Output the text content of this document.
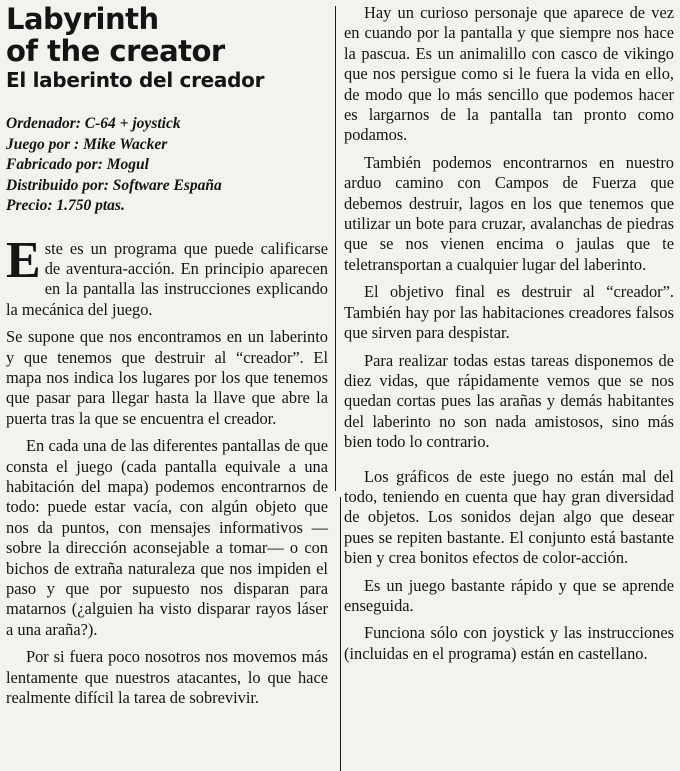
Labyrinth
of the creator
El laberinto del creador
Ordenador: C-64 + joystick
Juego por : Mike Wacker
Fabricado por: Mogul
Distribuido por: Software España
Precio: 1.750 ptas.

Este es un programa que puede calificarse de aventura-acción. En principio aparecen en la pantalla las instrucciones explicando la mecánica del juego.

Se supone que nos encontramos en un laberinto y que tenemos que destruir al “creador”. El mapa nos indica los lugares por los que tenemos que pasar para llegar hasta la llave que abre la puerta tras la que se encuentra el creador.

En cada una de las diferentes pantallas de que consta el juego (cada pantalla equivale a una habitación del mapa) podemos encontrarnos de todo: puede estar vacía, con algún objeto que nos da puntos, con mensajes informativos —sobre la dirección aconsejable a tomar— o con bichos de extraña naturaleza que nos impiden el paso y que por supuesto nos disparan para matarnos (¿alguien ha visto disparar rayos láser a una araña?).

Por si fuera poco nosotros nos movemos más lentamente que nuestros atacantes, lo que hace realmente difícil la tarea de sobrevivir.

Hay un curioso personaje que aparece de vez en cuando por la pantalla y que siempre nos hace la pascua. Es un animalillo con casco de vikingo que nos persigue como si le fuera la vida en ello, de modo que lo más sencillo que podemos hacer es largarnos de la pantalla tan pronto como podamos.

También podemos encontrarnos en nuestro arduo camino con Campos de Fuerza que debemos destruir, lagos en los que tenemos que utilizar un bote para cruzar, avalanchas de piedras que se nos vienen encima o jaulas que te teletransportan a cualquier lugar del laberinto.

El objetivo final es destruir al “creador”. También hay por las habitaciones creadores falsos que sirven para despistar.

Para realizar todas estas tareas disponemos de diez vidas, que rápidamente vemos que se nos quedan cortas pues las arañas y demás habitantes del laberinto no son nada amistosos, sino más bien todo lo contrario.

Los gráficos de este juego no están mal del todo, teniendo en cuenta que hay gran diversidad de objetos. Los sonidos dejan algo que desear pues se repiten bastante. El conjunto está bastante bien y crea bonitos efectos de color-acción.

Es un juego bastante rápido y que se aprende enseguida.

Funciona sólo con joystick y las instrucciones (incluidas en el programa) están en castellano.
